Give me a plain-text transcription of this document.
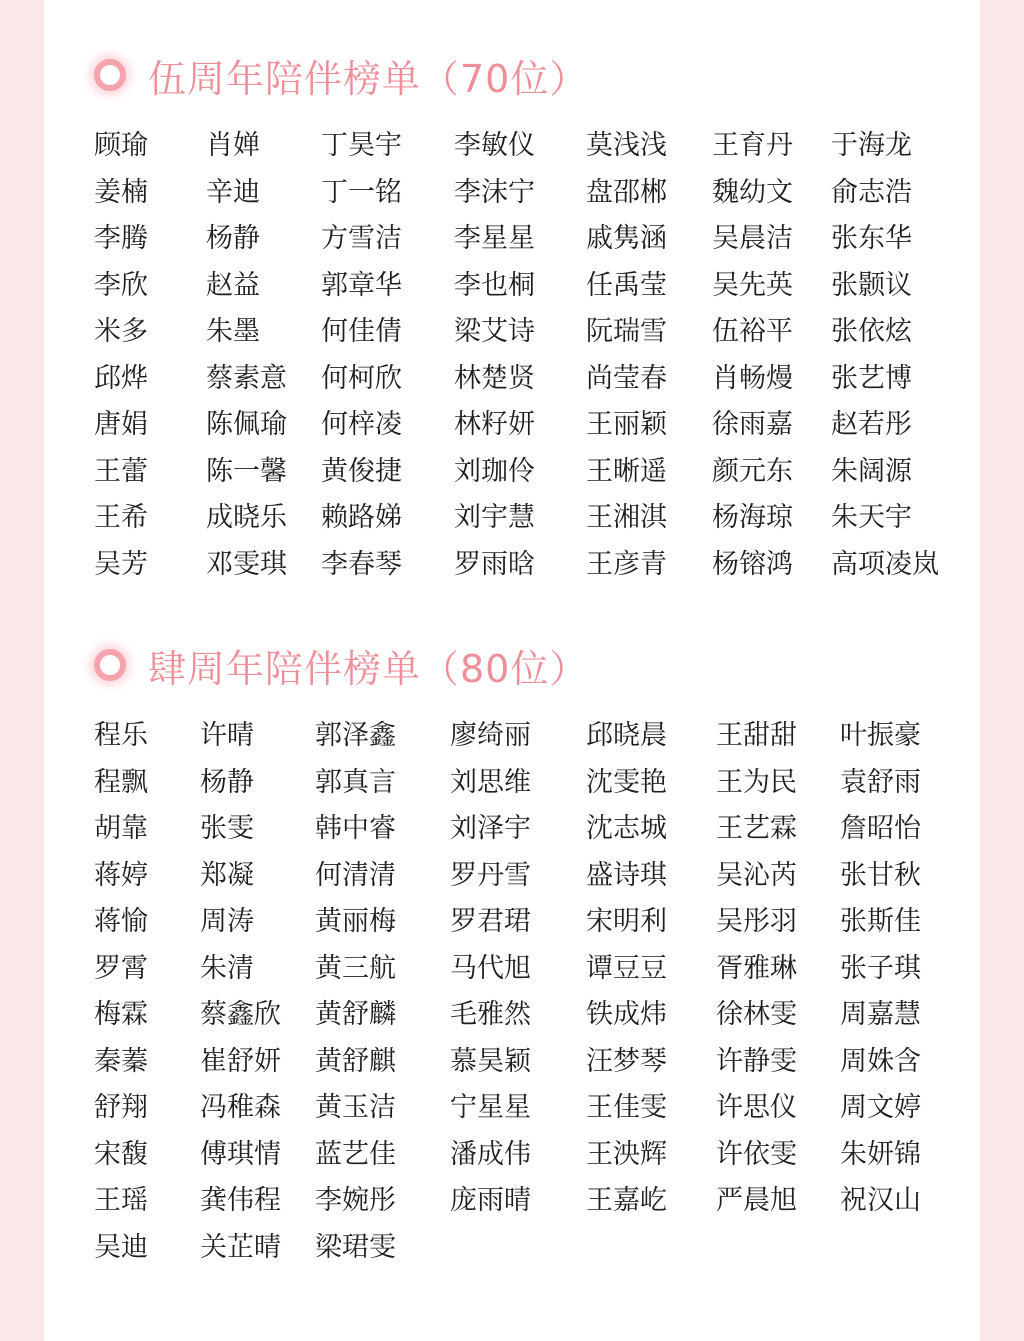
伍周年陪伴榜单（70位）
顾瑜 肖婵 丁昊宇 李敏仪 莫浅浅 王育丹 于海龙
姜楠 辛迪 丁一铭 李沫宁 盘邵郴 魏幼文 俞志浩
李腾 杨静 方雪洁 李星星 戚隽涵 吴晨洁 张东华
李欣 赵益 郭章华 李也桐 任禹莹 吴先英 张颢议
米多 朱墨 何佳倩 梁艾诗 阮瑞雪 伍裕平 张依炫
邱烨 蔡素意 何柯欣 林楚贤 尚莹春 肖畅熳 张艺博
唐娟 陈佩瑜 何梓凌 林籽妍 王丽颖 徐雨嘉 赵若彤
王蕾 陈一馨 黄俊捷 刘珈伶 王晰遥 颜元东 朱阔源
王希 成晓乐 赖路娣 刘宇慧 王湘淇 杨海琼 朱天宇
吴芳 邓雯琪 李春琴 罗雨晗 王彦青 杨镕鸿 高项凌岚
肆周年陪伴榜单（80位）
程乐 许晴 郭泽鑫 廖绮丽 邱晓晨 王甜甜 叶振豪
程飘 杨静 郭真言 刘思维 沈雯艳 王为民 袁舒雨
胡靠 张雯 韩中睿 刘泽宇 沈志城 王艺霖 詹昭怡
蒋婷 郑凝 何清清 罗丹雪 盛诗琪 吴沁芮 张甘秋
蒋愉 周涛 黄丽梅 罗君珺 宋明利 吴彤羽 张斯佳
罗霄 朱清 黄三航 马代旭 谭豆豆 胥雅琳 张子琪
梅霖 蔡鑫欣 黄舒麟 毛雅然 铁成炜 徐林雯 周嘉慧
秦蓁 崔舒妍 黄舒麒 慕昊颖 汪梦琴 许静雯 周姝含
舒翔 冯稚森 黄玉洁 宁星星 王佳雯 许思仪 周文婷
宋馥 傅琪情 蓝艺佳 潘成伟 王泱辉 许依雯 朱妍锦
王瑶 龚伟程 李婉彤 庞雨晴 王嘉屹 严晨旭 祝汉山
吴迪 关芷晴 梁珺雯
